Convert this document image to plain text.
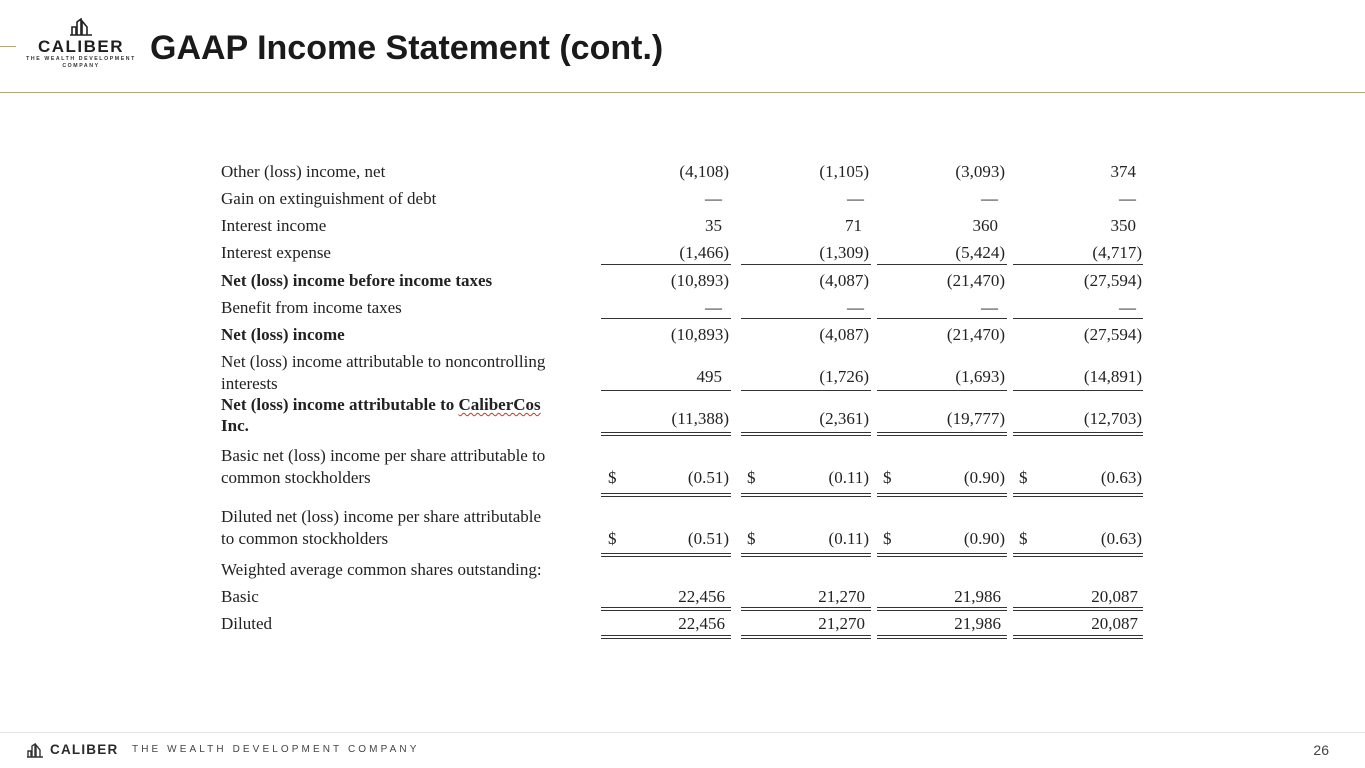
CALIBER
THE WEALTH DEVELOPMENT COMPANY	GAAP Income Statement (cont.)
Other (loss) income, net	(4,108)	(1,105)	(3,093)	374
Gain on extinguishment of debt	—	—	—	—
Interest income	35	71	360	350
Interest expense	(1,466)	(1,309)	(5,424)	(4,717)
Net (loss) income before income taxes	(10,893)	(4,087)	(21,470)	(27,594)
Benefit from income taxes	—	—	—	—
Net (loss) income	(10,893)	(4,087)	(21,470)	(27,594)
Net (loss) income attributable to noncontrolling
interests	495	(1,726)	(1,693)	(14,891)
Net (loss) income attributable to CaliberCos
Inc.	(11,388)	(2,361)	(19,777)	(12,703)
Basic net (loss) income per share attributable to
common stockholders	$	(0.51) $	(0.11) $	(0.90) $	(0.63)
Diluted net (loss) income per share attributable
to common stockholders	$	(0.51) $	(0.11) $	(0.90) $	(0.63)
Weighted average common shares outstanding:
Basic	22,456	21,270	21,986	20,087
Diluted	22,456	21,270	21,986	20,087
CALIBER THE WEALTH DEVELOPMENT COMPANY	26
